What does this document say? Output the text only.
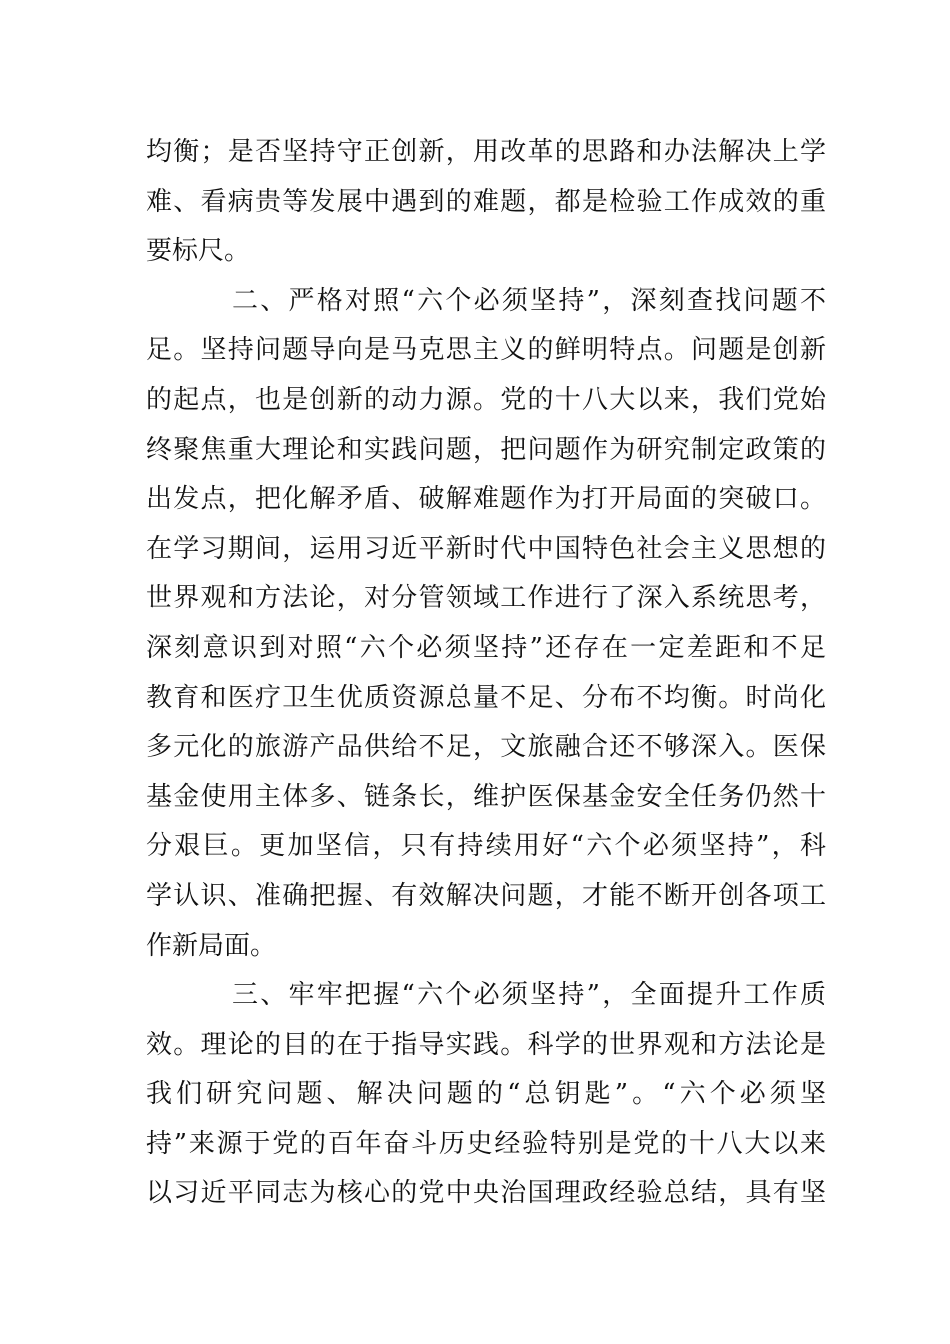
均衡；是否坚持守正创新，用改革的思路和办法解决上学
难、看病贵等发展中遇到的难题，都是检验工作成效的重
要标尺。
二、严格对照“六个必须坚持”，深刻查找问题不
足。坚持问题导向是马克思主义的鲜明特点。问题是创新
的起点，也是创新的动力源。党的十八大以来，我们党始
终聚焦重大理论和实践问题，把问题作为研究制定政策的
出发点，把化解矛盾、破解难题作为打开局面的突破口。
在学习期间，运用习近平新时代中国特色社会主义思想的
世界观和方法论，对分管领域工作进行了深入系统思考，
深刻意识到对照“六个必须坚持”还存在一定差距和不足
教育和医疗卫生优质资源总量不足、分布不均衡。时尚化
多元化的旅游产品供给不足，文旅融合还不够深入。医保
基金使用主体多、链条长，维护医保基金安全任务仍然十
分艰巨。更加坚信，只有持续用好“六个必须坚持”，科
学认识、准确把握、有效解决问题，才能不断开创各项工
作新局面。
三、牢牢把握“六个必须坚持”，全面提升工作质
效。理论的目的在于指导实践。科学的世界观和方法论是
我们研究问题、解决问题的“总钥匙”。“六个必须坚
持”来源于党的百年奋斗历史经验特别是党的十八大以来
以习近平同志为核心的党中央治国理政经验总结，具有坚
